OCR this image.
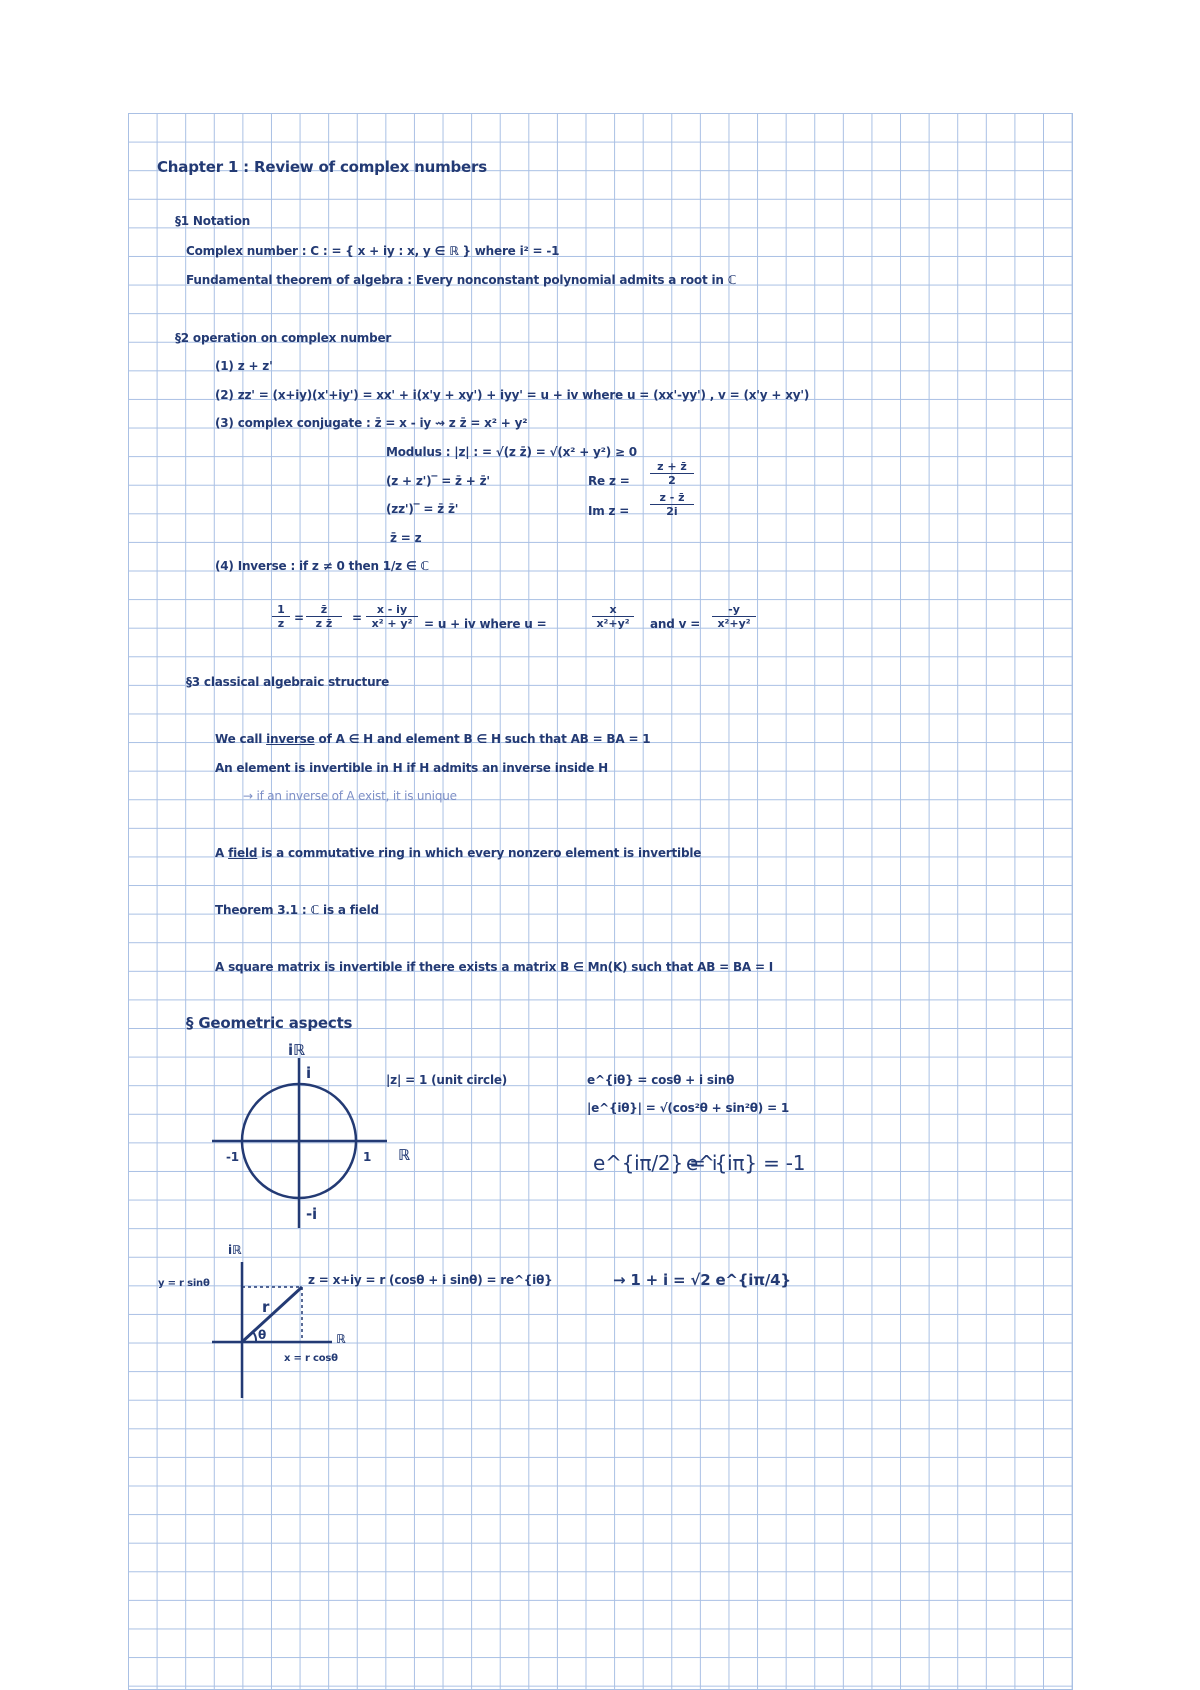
Chapter 1 : Review of complex numbers
§1 Notation
Complex number : C : = { x + iy : x, y ∈ ℝ } where i² = -1
Fundamental theorem of algebra : Every nonconstant polynomial admits a root in ℂ
§2 operation on complex number
(1) z + z'
(2) zz' = (x+iy)(x'+iy') = xx' + i(x'y + xy') + iyy' = u + iv where u = (xx'-yy') , v = (x'y + xy')
(3) complex conjugate : z̄ = x - iy ⇝ z z̄ = x² + y²
Modulus : |z| : = √(z z̄) = √(x² + y²) ≥ 0
(z + z')‾ = z̄ + z̄'
(zz')‾ = z̄ z̄'
z̄̄ = z
Re $z = \frac{z + z̄}{2}$
Im $z = \frac{z - z̄}{2i}$
(4) Inverse : if z ≠ 0 then 1/z ∈ ℂ
$\frac{1}{z} = \frac{z̄}{\text{z z̄}} = \frac{x - iy}{\text{x² + y²}} = u$ + iv where u =	$\frac{x}{\text{x²+y²}}$ and $v = \frac{-y}{\text{x²+y²}}$
§3 classical algebraic structure
We call inverse of A ∈ H and element B ∈ H such that AB = BA = 1
An element is invertible in H if H admits an inverse inside H
→ if an inverse of A exist, it is unique
A field is a commutative ring in which every nonzero element is invertible
Theorem 3.1 : ℂ is a field
A square matrix is invertible if there exists a matrix B ∈ Mn(K) such that AB = BA = I
§ Geometric aspects
iℝ
i
-1	1 ℝ
-i
|z| = 1 (unit circle)	e^{iθ} = cosθ + i sinθ
|e^{iθ}| = √(cos²θ + sin²θ) = 1
e^{iπ/2} = i
e^{iπ} = -1
iℝ
y = r sinθ
r
θ	ℝ
x = r cosθ
z = x+iy = r (cosθ + i sinθ) = re^{iθ}	→ 1 + i = √2 e^{iπ/4}
